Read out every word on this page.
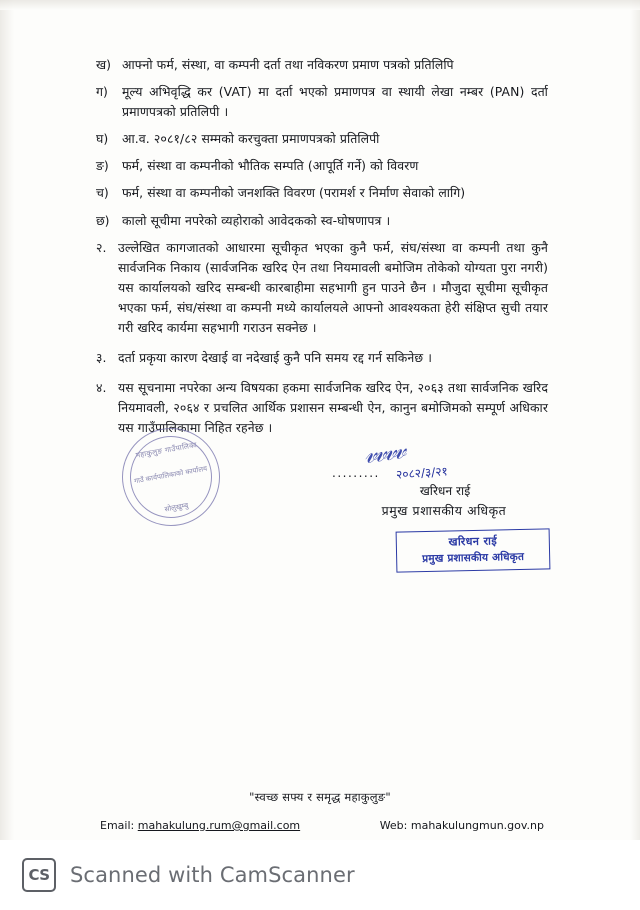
ख) आफ्नो फर्म, संस्था, वा कम्पनी दर्ता तथा नविकरण प्रमाण पत्रको प्रतिलिपि
ग)	मूल्य अभिवृद्धि कर (VAT) मा दर्ता भएको प्रमाणपत्र वा स्थायी लेखा नम्बर (PAN) दर्ता प्रमाणपत्रको प्रतिलिपी ।
घ)	आ.व. २०८१/८२ सम्मको करचुक्ता प्रमाणपत्रको प्रतिलिपी
ङ)	फर्म, संस्था वा कम्पनीको भौतिक सम्पति (आपूर्ति गर्ने) को विवरण
च)	फर्म, संस्था वा कम्पनीको जनशक्ति विवरण (परामर्श र निर्माण सेवाको लागि)
छ)	कालो सूचीमा नपरेको व्यहोराको आवेदकको स्व-घोषणापत्र ।
२. उल्लेखित कागजातको आधारमा सूचीकृत भएका कुनै फर्म, संघ/संस्था वा कम्पनी तथा कुनै सार्वजनिक निकाय (सार्वजनिक खरिद ऐन तथा नियमावली बमोजिम तोकेको योग्यता पुरा नगरी) यस कार्यालयको खरिद सम्बन्धी कारबाहीमा सहभागी हुन पाउने छैन । मौजुदा सूचीमा सूचीकृत भएका फर्म, संघ/संस्था वा कम्पनी मध्ये कार्यालयले आफ्नो आवश्यकता हेरी संक्षिप्त सुची तयार गरी खरिद कार्यमा सहभागी गराउन सक्नेछ ।
३. दर्ता प्रकृया कारण देखाई वा नदेखाई कुनै पनि समय रद्द गर्न सकिनेछ ।
४. यस सूचनामा नपरेका अन्य विषयका हकमा सार्वजनिक खरिद ऐन, २०६३ तथा सार्वजनिक खरिद नियमावली, २०६४ र प्रचलित आर्थिक प्रशासन सम्बन्धी ऐन, कानुन बमोजिमको सम्पूर्ण अधिकार यस गाउँपालिकामा निहित रहनेछ ।
महाकुलुङ गाउँपालिका
गाउँ कार्यपालिकाको कार्यालय
सोलुखुम्बु
𝓋𝓋𝓋𝓋
......... २०८२/३/२१
खरिधन राई
प्रमुख प्रशासकीय अधिकृत
खरिधन राई
प्रमुख प्रशासकीय अधिकृत
"स्वच्छ सफ्य र समृद्ध महाकुलुङ"
Email: mahakulung.rum@gmail.com	Web: mahakulungmun.gov.np
CS Scanned with CamScanner
